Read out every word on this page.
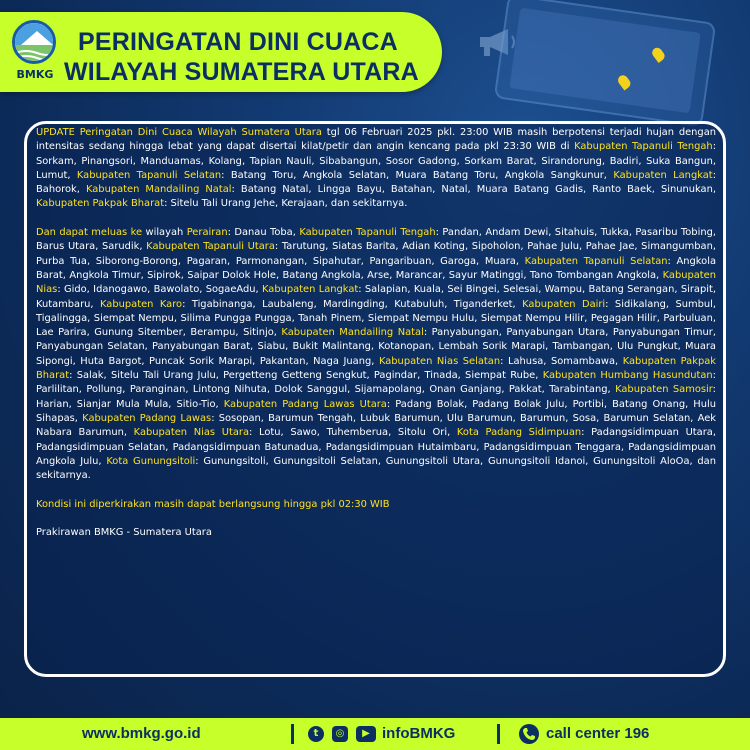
BMKG
PERINGATAN DINI CUACA
WILAYAH SUMATERA UTARA

UPDATE Peringatan Dini Cuaca Wilayah Sumatera Utara tgl 06 Februari 2025 pkl. 23:00 WIB masih berpotensi terjadi hujan dengan intensitas sedang hingga lebat yang dapat disertai kilat/petir dan angin kencang pada pkl 23:30 WIB di Kabupaten Tapanuli Tengah: Sorkam, Pinangsori, Manduamas, Kolang, Tapian Nauli, Sibabangun, Sosor Gadong, Sorkam Barat, Sirandorung, Badiri, Suka Bangun, Lumut, Kabupaten Tapanuli Selatan: Batang Toru, Angkola Selatan, Muara Batang Toru, Angkola Sangkunur, Kabupaten Langkat: Bahorok, Kabupaten Mandailing Natal: Batang Natal, Lingga Bayu, Batahan, Natal, Muara Batang Gadis, Ranto Baek, Sinunukan, Kabupaten Pakpak Bharat: Sitelu Tali Urang Jehe, Kerajaan, dan sekitarnya.

Dan dapat meluas ke wilayah Perairan: Danau Toba, Kabupaten Tapanuli Tengah: Pandan, Andam Dewi, Sitahuis, Tukka, Pasaribu Tobing, Barus Utara, Sarudik, Kabupaten Tapanuli Utara: Tarutung, Siatas Barita, Adian Koting, Sipoholon, Pahae Julu, Pahae Jae, Simangumban, Purba Tua, Siborong-Borong, Pagaran, Parmonangan, Sipahutar, Pangaribuan, Garoga, Muara, Kabupaten Tapanuli Selatan: Angkola Barat, Angkola Timur, Sipirok, Saipar Dolok Hole, Batang Angkola, Arse, Marancar, Sayur Matinggi, Tano Tombangan Angkola, Kabupaten Nias: Gido, Idanogawo, Bawolato, SogaeAdu, Kabupaten Langkat: Salapian, Kuala, Sei Bingei, Selesai, Wampu, Batang Serangan, Sirapit, Kutambaru, Kabupaten Karo: Tigabinanga, Laubaleng, Mardingding, Kutabuluh, Tiganderket, Kabupaten Dairi: Sidikalang, Sumbul, Tigalingga, Siempat Nempu, Silima Pungga Pungga, Tanah Pinem, Siempat Nempu Hulu, Siempat Nempu Hilir, Pegagan Hilir, Parbuluan, Lae Parira, Gunung Sitember, Berampu, Sitinjo, Kabupaten Mandailing Natal: Panyabungan, Panyabungan Utara, Panyabungan Timur, Panyabungan Selatan, Panyabungan Barat, Siabu, Bukit Malintang, Kotanopan, Lembah Sorik Marapi, Tambangan, Ulu Pungkut, Muara Sipongi, Huta Bargot, Puncak Sorik Marapi, Pakantan, Naga Juang, Kabupaten Nias Selatan: Lahusa, Somambawa, Kabupaten Pakpak Bharat: Salak, Sitelu Tali Urang Julu, Pergetteng Getteng Sengkut, Pagindar, Tinada, Siempat Rube, Kabupaten Humbang Hasundutan: Parlilitan, Pollung, Paranginan, Lintong Nihuta, Dolok Sanggul, Sijamapolang, Onan Ganjang, Pakkat, Tarabintang, Kabupaten Samosir: Harian, Sianjar Mula Mula, Sitio-Tio, Kabupaten Padang Lawas Utara: Padang Bolak, Padang Bolak Julu, Portibi, Batang Onang, Hulu Sihapas, Kabupaten Padang Lawas: Sosopan, Barumun Tengah, Lubuk Barumun, Ulu Barumun, Barumun, Sosa, Barumun Selatan, Aek Nabara Barumun, Kabupaten Nias Utara: Lotu, Sawo, Tuhemberua, Sitolu Ori, Kota Padang Sidimpuan: Padangsidimpuan Utara, Padangsidimpuan Selatan, Padangsidimpuan Batunadua, Padangsidimpuan Hutaimbaru, Padangsidimpuan Tenggara, Padangsidimpuan Angkola Julu, Kota Gunungsitoli: Gunungsitoli, Gunungsitoli Selatan, Gunungsitoli Utara, Gunungsitoli Idanoi, Gunungsitoli AloOa, dan sekitarnya.

Kondisi ini diperkirakan masih dapat berlangsung hingga pkl 02:30 WIB

Prakirawan BMKG - Sumatera Utara

www.bmkg.go.id	t	◎	▶ infoBMKG	call center 196
